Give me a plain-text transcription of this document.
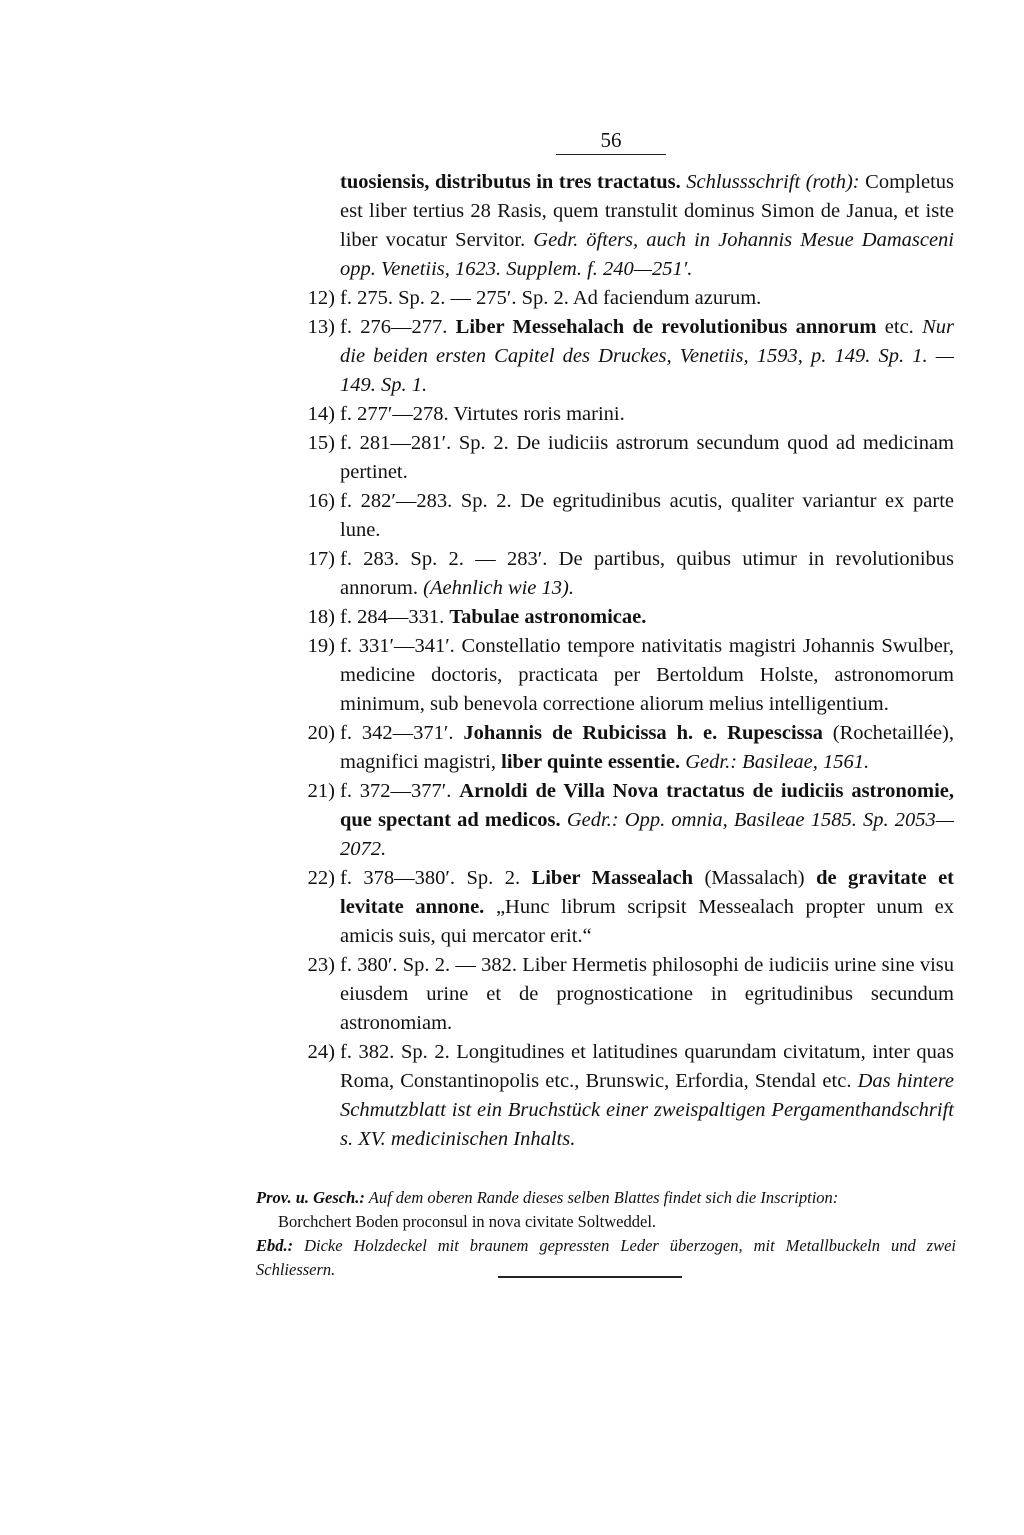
56

tuosiensis, distributus in tres tractatus. Schlussschrift (roth): Completus est liber tertius 28 Rasis, quem transtulit dominus Simon de Janua, et iste liber vocatur Servitor. Gedr. öfters, auch in Johannis Mesue Damasceni opp. Venetiis, 1623. Supplem. f. 240—251′.

12) f. 275. Sp. 2. — 275′. Sp. 2. Ad faciendum azurum.
13) f. 276—277. Liber Messehalach de revolutionibus annorum etc. Nur die beiden ersten Capitel des Druckes, Venetiis, 1593, p. 149. Sp. 1. — 149. Sp. 1.
14) f. 277′—278. Virtutes roris marini.
15) f. 281—281′. Sp. 2. De iudiciis astrorum secundum quod ad medicinam pertinet.
16) f. 282′—283. Sp. 2. De egritudinibus acutis, qualiter variantur ex parte lune.
17) f. 283. Sp. 2. — 283′. De partibus, quibus utimur in revolutionibus annorum. (Aehnlich wie 13).
18) f. 284—331. Tabulae astronomicae.
19) f. 331′—341′. Constellatio tempore nativitatis magistri Johannis Swulber, medicine doctoris, practicata per Bertoldum Holste, astronomorum minimum, sub benevola correctione aliorum melius intelligentium.
20) f. 342—371′. Johannis de Rubicissa h. e. Rupescissa (Rochetaillée), magnifici magistri, liber quinte essentie. Gedr.: Basileae, 1561.
21) f. 372—377′. Arnoldi de Villa Nova tractatus de iudiciis astronomie, que spectant ad medicos. Gedr.: Opp. omnia, Basileae 1585. Sp. 2053—2072.
22) f. 378—380′. Sp. 2. Liber Massealach (Massalach) de gravitate et levitate annone. „Hunc librum scripsit Messealach propter unum ex amicis suis, qui mercator erit.“
23) f. 380′. Sp. 2. — 382. Liber Hermetis philosophi de iudiciis urine sine visu eiusdem urine et de prognosticatione in egritudinibus secundum astronomiam.
24) f. 382. Sp. 2. Longitudines et latitudines quarundam civitatum, inter quas Roma, Constantinopolis etc., Brunswic, Erfordia, Stendal etc. Das hintere Schmutzblatt ist ein Bruchstück einer zweispaltigen Pergamenthandschrift s. XV. medicinischen Inhalts.

Prov. u. Gesch.: Auf dem oberen Rande dieses selben Blattes findet sich die Inscription:

Borchchert Boden proconsul in nova civitate Soltweddel.

Ebd.: Dicke Holzdeckel mit braunem gepressten Leder überzogen, mit Metallbuckeln und zwei Schliessern.
